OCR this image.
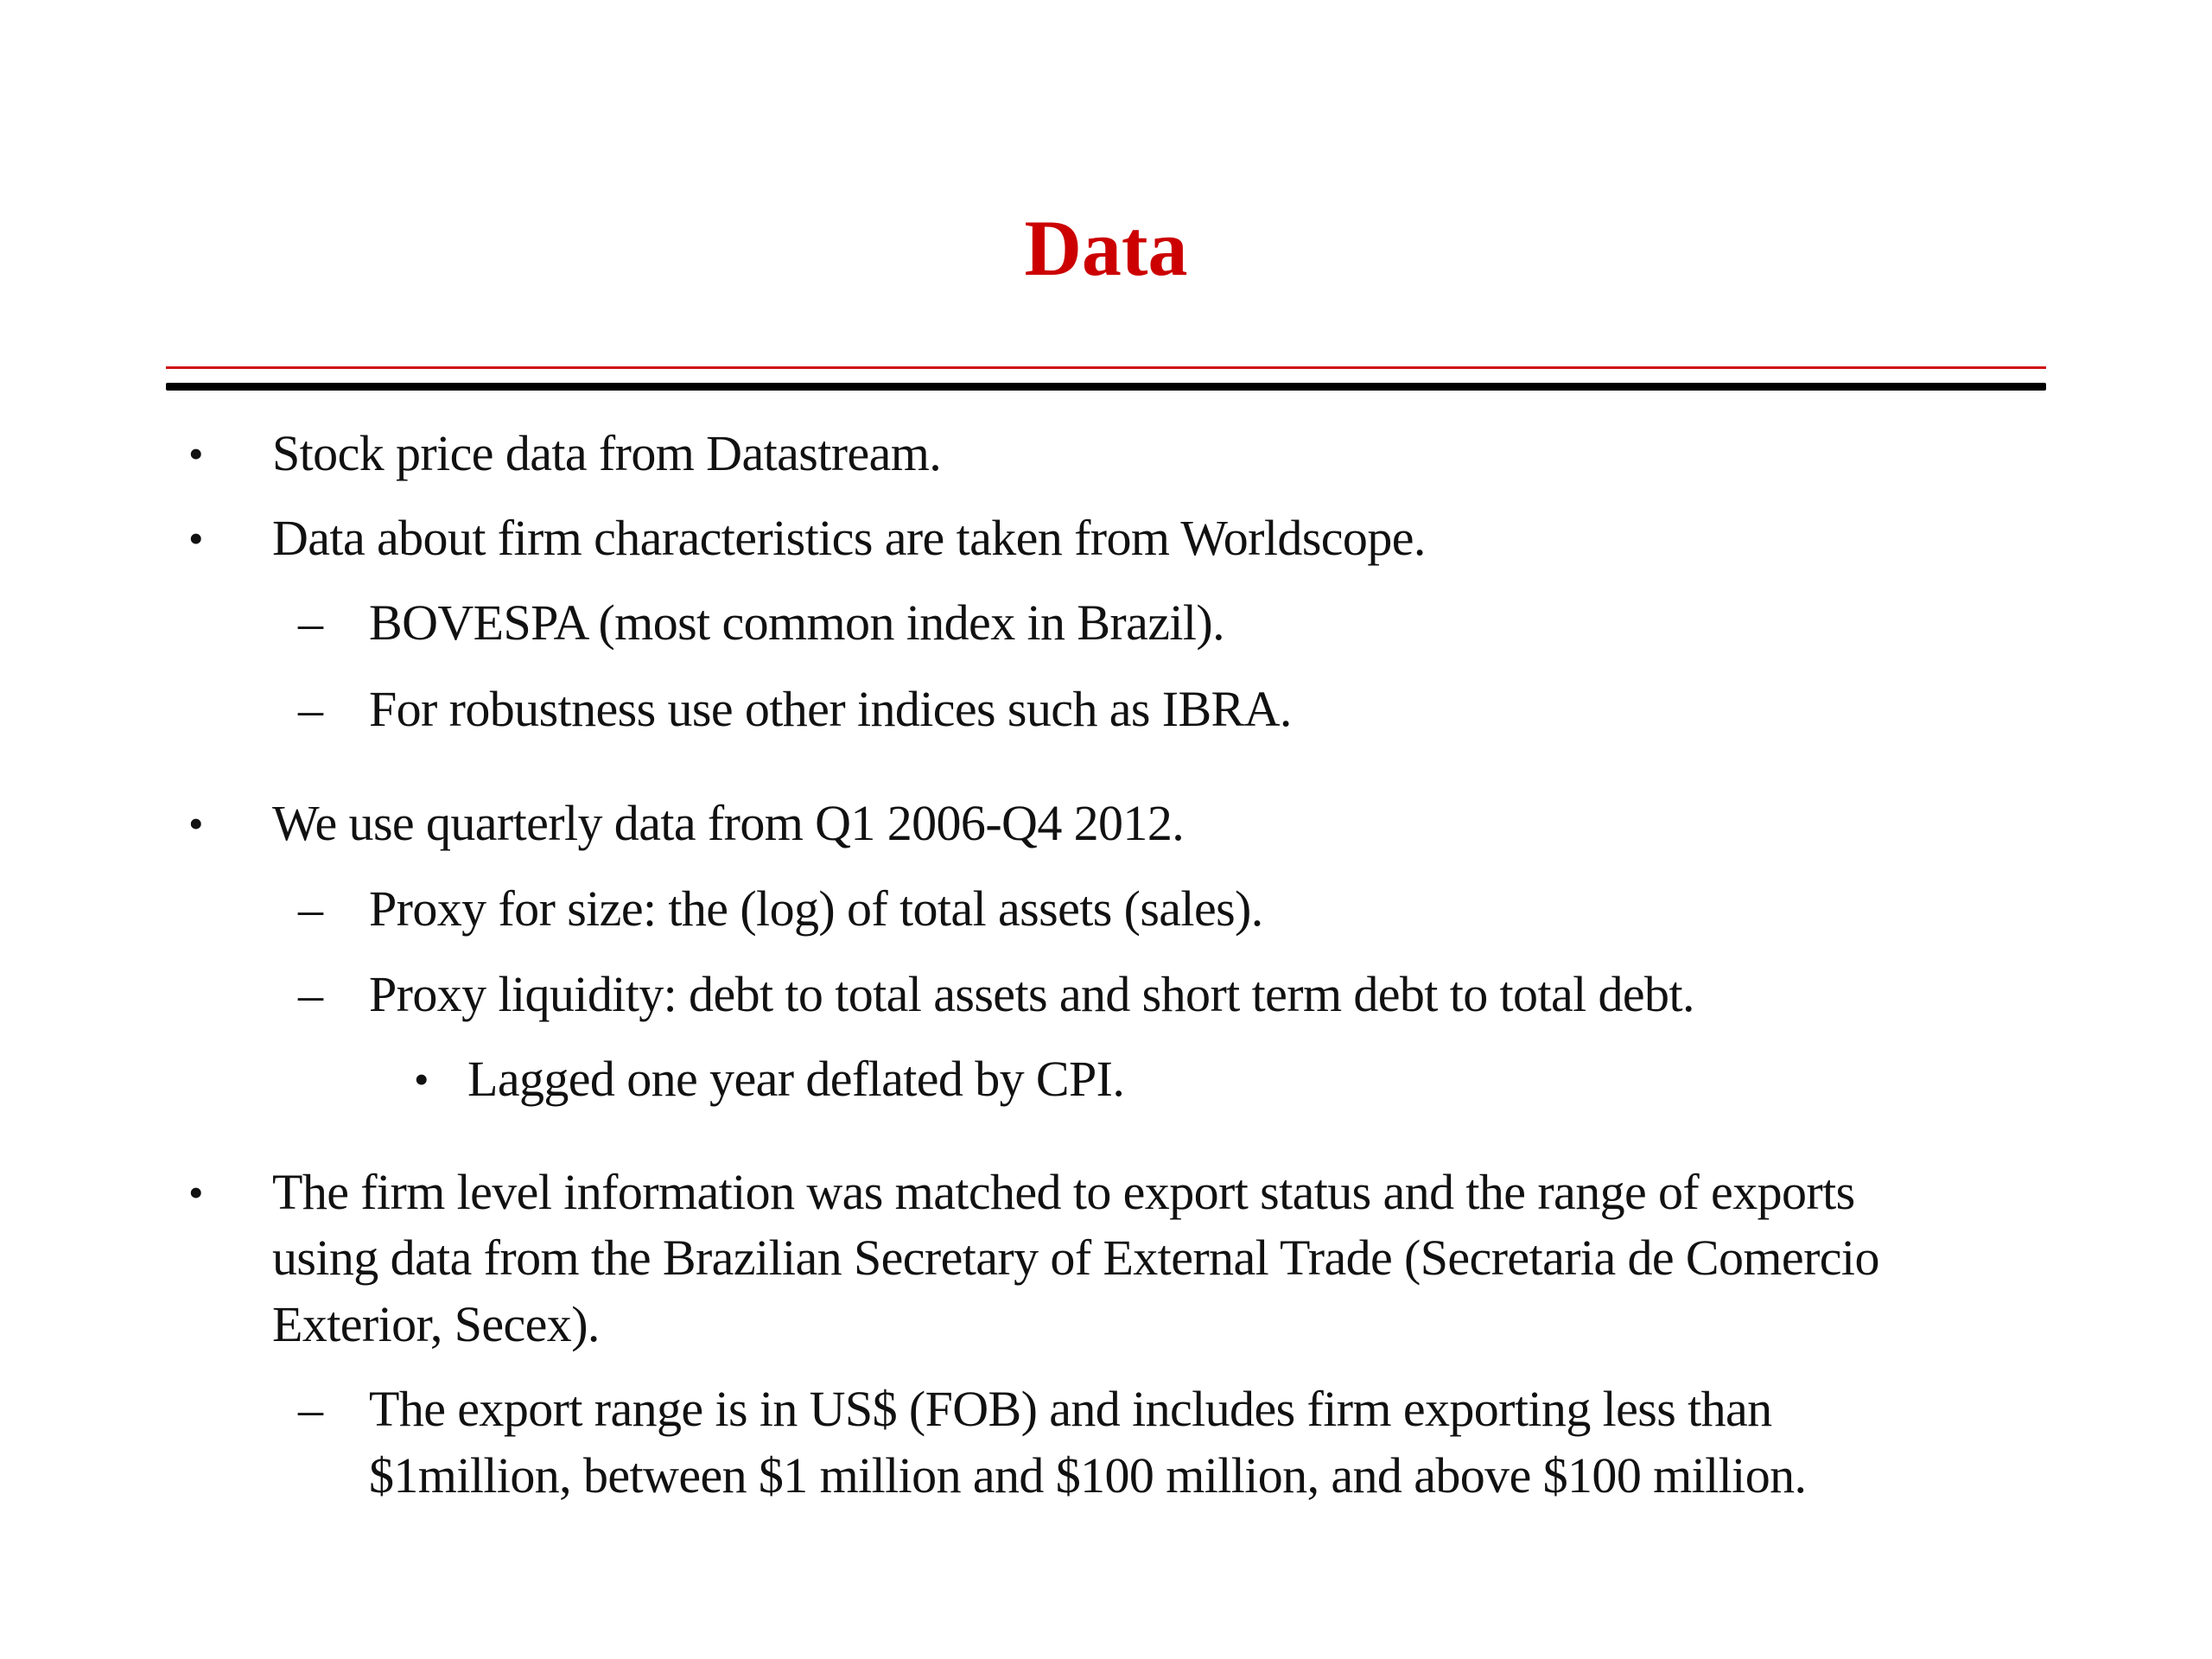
Data
• Stock price data from Datastream.
• Data about firm characteristics are taken from Worldscope.
– BOVESPA (most common index in Brazil).
– For robustness use other indices such as IBRA.
• We use quarterly data from Q1 2006-Q4 2012.
– Proxy for size: the (log) of total assets (sales).
– Proxy liquidity: debt to total assets and short term debt to total debt.
• Lagged one year deflated by CPI.
• The firm level information was matched to export status and the range of exports
using data from the Brazilian Secretary of External Trade (Secretaria de Comercio
Exterior, Secex).
– The export range is in US$ (FOB) and includes firm exporting less than
$1million, between $1 million and $100 million, and above $100 million.
